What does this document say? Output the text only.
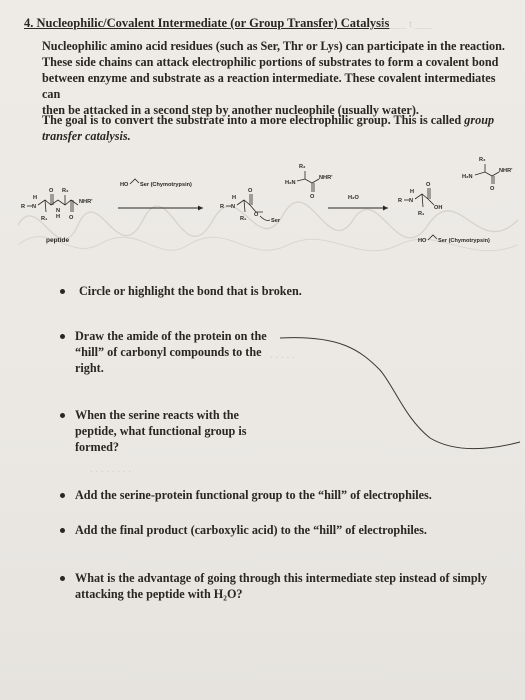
4. Nucleophilic/Covalent Intermediate (or Group Transfer) Catalysis
Nucleophilic amino acid residues (such as Ser, Thr or Lys) can participate in the reaction.
These side chains can attack electrophilic portions of substrates to form a covalent bond
between enzyme and substrate as a reaction intermediate. These covalent intermediates can
then be attacked in a second step by another nucleophile (usually water).
The goal is to convert the substrate into a more electrophilic group. This is called group
transfer catalysis.
R N
H
R₁
O
N
H
R₂
O
NHR'
peptide
HO Ser (Chymotrypsin)
R N
H
R₁
O
O
Ser
R₂
H₂N
NHR'
O	H₂O	R N
H
R₁
O
OH
R₂
H₂N
NHR'
O
HO Ser (Chymotrypsin)
s. ___ t ___
. . . . .
. . . . . . . .
Circle or highlight the bond that is broken.
Draw the amide of the protein on the
“hill” of carbonyl compounds to the
right.
When the serine reacts with the
peptide, what functional group is
formed?
Add the serine-protein functional group to the “hill” of electrophiles.
Add the final product (carboxylic acid) to the “hill” of electrophiles.
What is the advantage of going through this intermediate step instead of simply
attacking the peptide with H₂O?
